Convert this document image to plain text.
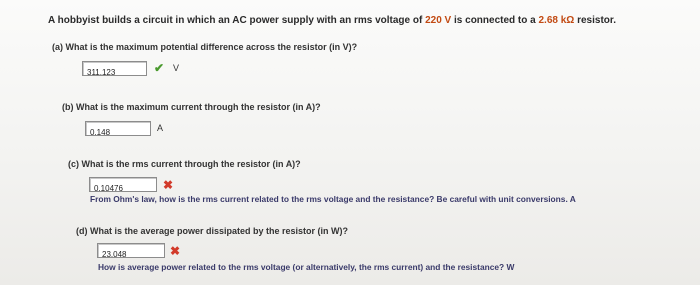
A hobbyist builds a circuit in which an AC power supply with an rms voltage of 220 V is connected to a 2.68 kΩ resistor.
(a) What is the maximum potential difference across the resistor (in V)?
311.123
✔ V
(b) What is the maximum current through the resistor (in A)?
0.148
A
(c) What is the rms current through the resistor (in A)?
0.10476
✖
From Ohm's law, how is the rms current related to the rms voltage and the resistance? Be careful with unit conversions. A
(d) What is the average power dissipated by the resistor (in W)?
23.048
✖
How is average power related to the rms voltage (or alternatively, the rms current) and the resistance? W
